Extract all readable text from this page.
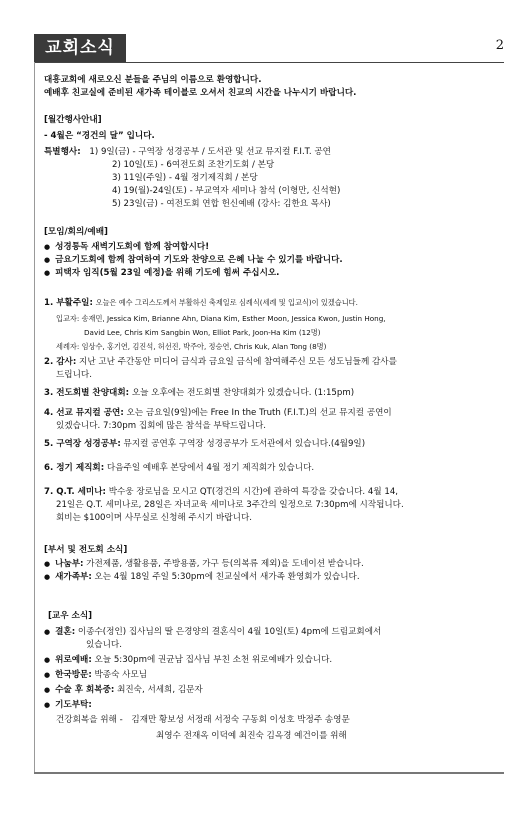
교회소식	2
대흥교회에 새로오신 분들을 주님의 이름으로 환영합니다.
예배후 친교실에 준비된 새가족 테이블로 오셔서 친교의 시간을 나누시기 바랍니다.
[월간행사안내]
- 4월은 “경건의 달” 입니다.
특별행사: 1) 9일(금) - 구역장 성경공부 / 도서관 및 선교 뮤지컬 F.I.T. 공연
2) 10일(토) - 6여전도회 조찬기도회 / 본당
3) 11일(주일) - 4월 정기제직회 / 본당
4) 19(월)-24일(토) - 부교역자 세미나 참석 (이형만, 신석현)
5) 23일(금) - 여전도회 연합 헌신예배 (강사: 김한요 목사)
[모임/회의/예배]
● 성경통독 새벽기도회에 함께 참여합시다!
● 금요기도회에 함께 참여하여 기도와 찬양으로 은혜 나눌 수 있기를 바랍니다.
● 피택자 임직(5월 23일 예정)을 위해 기도에 힘써 주십시오.
1. 부활주일: 오늘은 예수 그리스도께서 부활하신 축제일로 심례식(세례 및 입교식)이 있겠습니다.
입교자: 송재민, Jessica Kim, Brianne Ahn, Diana Kim, Esther Moon, Jessica Kwon, Justin Hong,
David Lee, Chris Kim Sangbin Won, Elliot Park, Joon-Ha Kim (12명)
세례자: 임상수, 홍기연, 김진석, 허선진, 박주아, 정승연, Chris Kuk, Alan Tong (8명)
2. 감사: 지난 고난 주간동안 미디어 금식과 금요일 금식에 참여해주신 모든 성도님들께 감사를
드립니다.
3. 전도회별 찬양대회: 오늘 오후에는 전도회별 찬양대회가 있겠습니다. (1:15pm)
4. 선교 뮤지컬 공연: 오는 금요일(9일)에는 Free In the Truth (F.I.T.)의 선교 뮤지컬 공연이
있겠습니다. 7:30pm 집회에 많은 참석을 부탁드립니다.
5. 구역장 성경공부: 뮤지컬 공연후 구역장 성경공부가 도서관에서 있습니다.(4월9일)
6. 정기 제직회: 다음주일 예배후 본당에서 4월 정기 제직회가 있습니다.
7. Q.T. 세미나: 박수웅 장로님을 모시고 QT(경건의 시간)에 관하여 특강을 갖습니다. 4월 14,
21일은 Q.T. 세미나로, 28일은 자녀교육 세미나로 3주간의 일정으로 7:30pm에 시작됩니다.
회비는 $100이며 사무실로 신청해 주시기 바랍니다.
[부서 및 전도회 소식]
● 나눔부: 가전제품, 생활용품, 주방용품, 가구 등(의복류 제외)을 도네이션 받습니다.
● 새가족부: 오는 4월 18일 주일 5:30pm에 친교실에서 새가족 환영회가 있습니다.
[교우 소식]
● 결혼: 이종수(정인) 집사님의 딸 은경양의 결혼식이 4월 10일(토) 4pm에 드림교회에서
있습니다.
● 위로예배: 오늘 5:30pm에 권균남 집사님 부친 소천 위로예배가 있습니다.
● 한국방문: 박종숙 사모님
● 수술 후 회복중: 최진숙, 서세희, 김문자
● 기도부탁:
건강회복을 위해 - 김재만 황보성 서정래 서정숙 구동회 이성호 박정주 송영문
최영수 전재옥 이덕예 최진숙 김옥경 예건이를 위해
